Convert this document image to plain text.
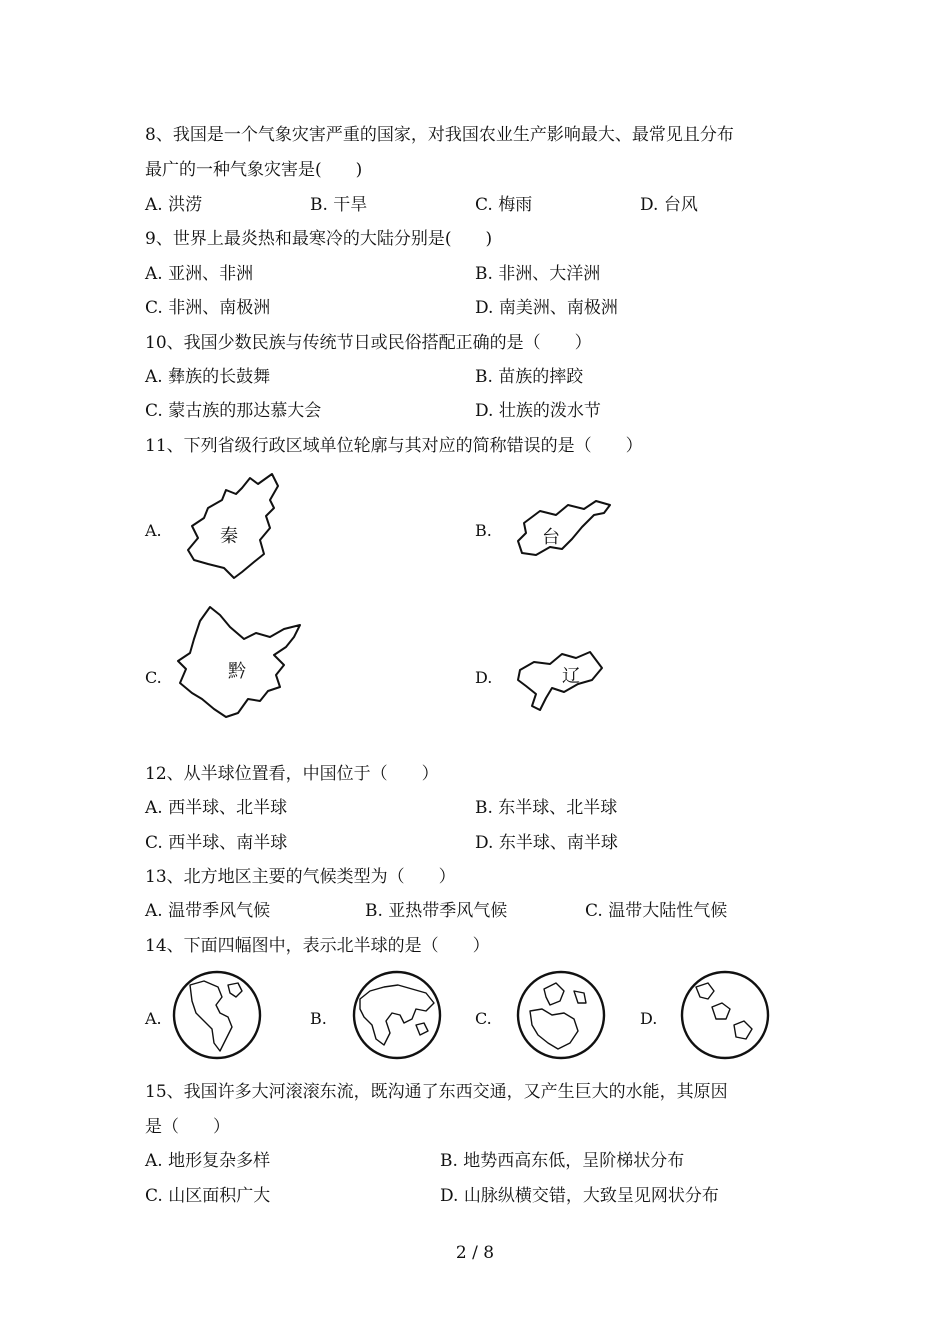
8、我国是一个气象灾害严重的国家，对我国农业生产影响最大、最常见且分布
最广的一种气象灾害是(　　)
A. 洪涝	B. 干旱	C. 梅雨	D. 台风
9、世界上最炎热和最寒冷的大陆分别是(　　)
A. 亚洲、非洲	B. 非洲、大洋洲
C. 非洲、南极洲	D. 南美洲、南极洲
10、我国少数民族与传统节日或民俗搭配正确的是（　　）
A. 彝族的长鼓舞	B. 苗族的摔跤
C. 蒙古族的那达慕大会	D. 壮族的泼水节
11、下列省级行政区域单位轮廓与其对应的简称错误的是（　　）
A.	秦	B.	台
C.	黔	D.	辽
12、从半球位置看，中国位于（　　）
A. 西半球、北半球	B. 东半球、北半球
C. 西半球、南半球	D. 东半球、南半球
13、北方地区主要的气候类型为（　　）
A. 温带季风气候	B. 亚热带季风气候	C. 温带大陆性气候
14、下面四幅图中，表示北半球的是（　　）
A.	B.	C.	D.
15、我国许多大河滚滚东流，既沟通了东西交通，又产生巨大的水能，其原因
是（　　）
A. 地形复杂多样	B. 地势西高东低，呈阶梯状分布
C. 山区面积广大	D. 山脉纵横交错，大致呈见网状分布
2 / 8
